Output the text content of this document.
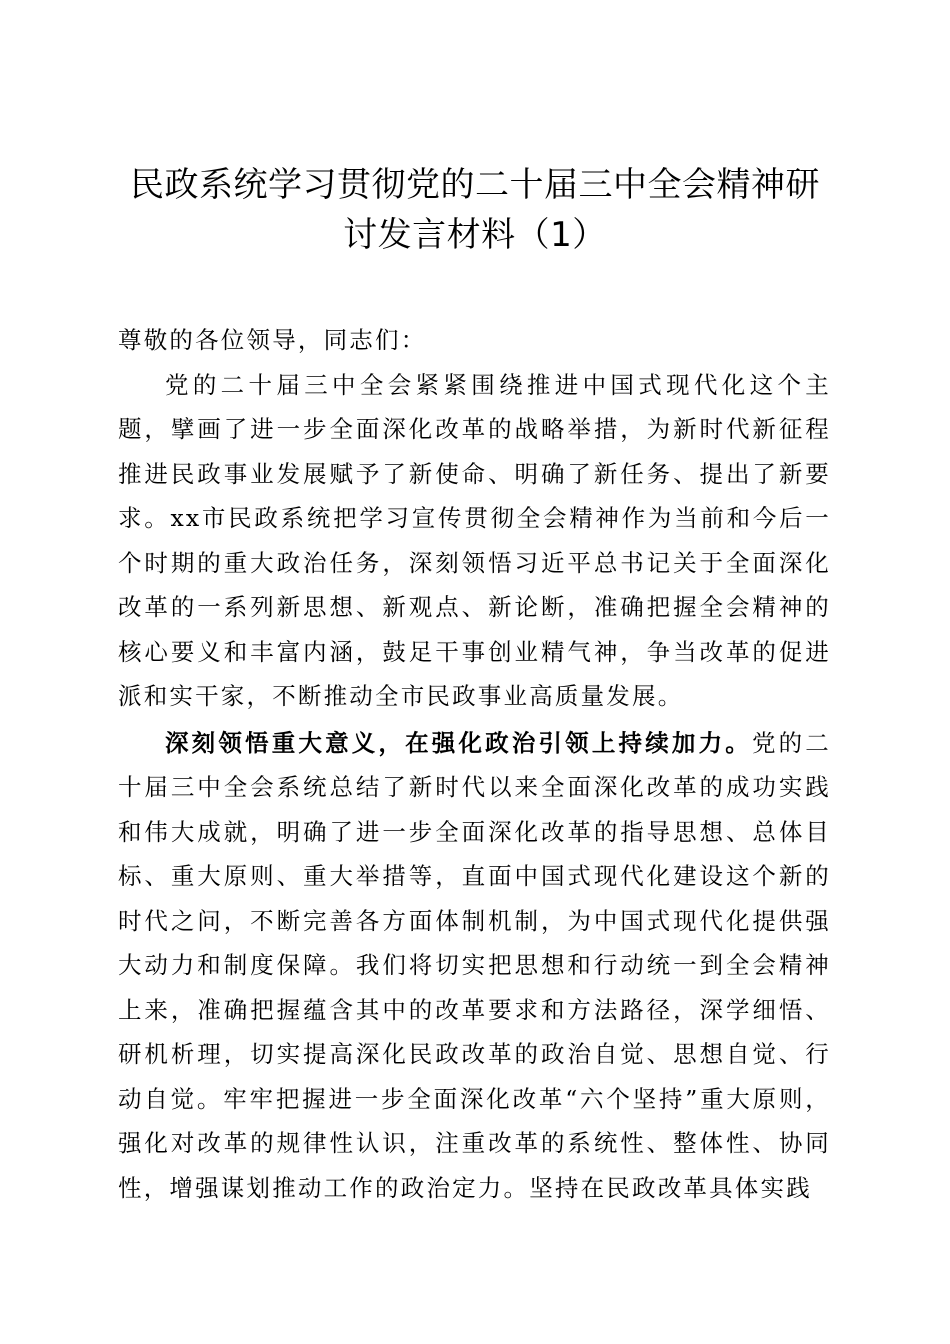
民政系统学习贯彻党的二十届三中全会精神研
讨发言材料（1）

尊敬的各位领导，同志们：

党的二十届三中全会紧紧围绕推进中国式现代化这个主题，擘画了进一步全面深化改革的战略举措，为新时代新征程推进民政事业发展赋予了新使命、明确了新任务、提出了新要求。xx市民政系统把学习宣传贯彻全会精神作为当前和今后一个时期的重大政治任务，深刻领悟习近平总书记关于全面深化改革的一系列新思想、新观点、新论断，准确把握全会精神的核心要义和丰富内涵，鼓足干事创业精气神，争当改革的促进派和实干家，不断推动全市民政事业高质量发展。

深刻领悟重大意义，在强化政治引领上持续加力。党的二十届三中全会系统总结了新时代以来全面深化改革的成功实践和伟大成就，明确了进一步全面深化改革的指导思想、总体目标、重大原则、重大举措等，直面中国式现代化建设这个新的时代之问，不断完善各方面体制机制，为中国式现代化提供强大动力和制度保障。我们将切实把思想和行动统一到全会精神上来，准确把握蕴含其中的改革要求和方法路径，深学细悟、研机析理，切实提高深化民政改革的政治自觉、思想自觉、行动自觉。牢牢把握进一步全面深化改革“六个坚持”重大原则，强化对改革的规律性认识，注重改革的系统性、整体性、协同性，增强谋划推动工作的政治定力。坚持在民政改革具体实践
